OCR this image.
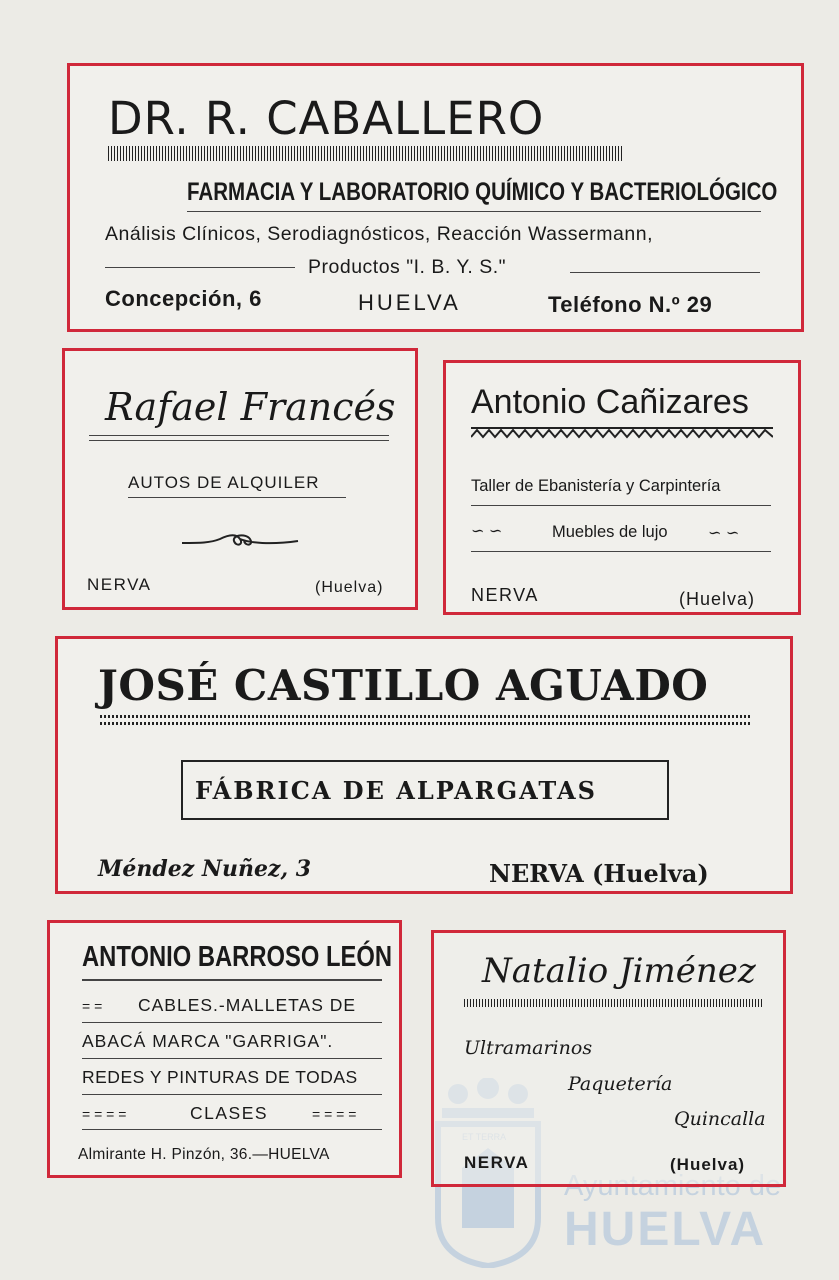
DR. R. CABALLERO
FARMACIA Y LABORATORIO QUÍMICO Y BACTERIOLÓGICO
Análisis Clínicos, Serodiagnósticos, Reacción Wassermann,
Productos "I. B. Y. S."
Concepción, 6	HUELVA	Teléfono N.º 29
Rafael Francés
AUTOS DE ALQUILER
NERVA	(Huelva)
Antonio Cañizares
Taller de Ebanistería y Carpintería
∽ ∽	Muebles de lujo	∽ ∽
NERVA	(Huelva)
JOSÉ CASTILLO AGUADO
FÁBRICA DE ALPARGATAS
Méndez Nuñez, 3	NERVA (Huelva)
ANTONIO BARROSO LEÓN
= = CABLES.-MALLETAS DE
ABACÁ MARCA "GARRIGA".
REDES Y PINTURAS DE TODAS
= = = =	CLASES	= = = =
Almirante H. Pinzón, 36.—HUELVA
HUELVA
Natalio Jiménez
Ultramarinos
Paquetería
Quincalla
NERVA	(Huelva)
